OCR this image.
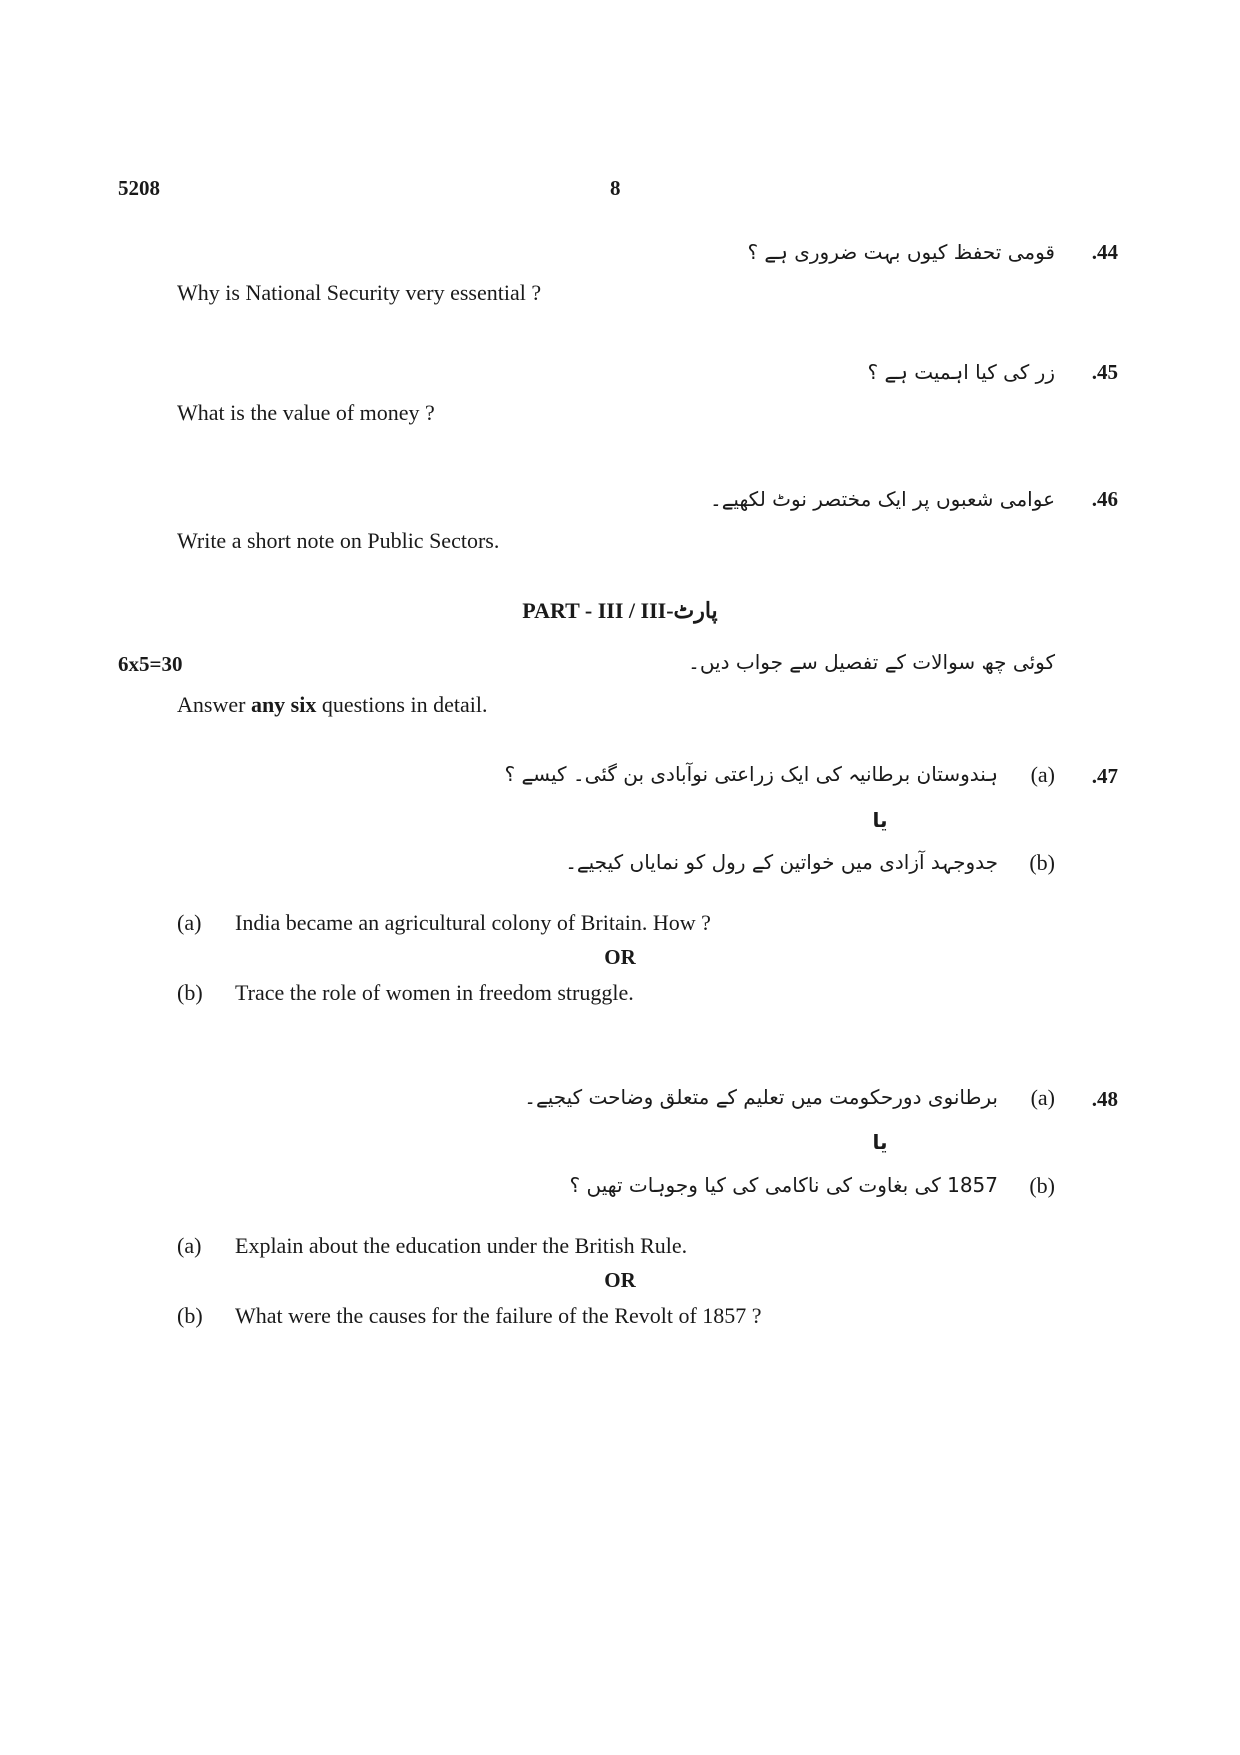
5208	8
.44
قومی تحفظ کیوں بہت ضروری ہے ؟
Why is National Security very essential ?
.45
زر کی کیا اہمیت ہے ؟
What is the value of money ?
.46
عوامی شعبوں پر ایک مختصر نوٹ لکھیے۔
Write a short note on Public Sectors.
PART - III / III-پارٹ
6x5=30	کوئی چھ سوالات کے تفصیل سے جواب دیں۔
Answer any six questions in detail.
.47
(a)
ہندوستان برطانیہ کی ایک زراعتی نوآبادی بن گئی۔ کیسے ؟
یا
(b)
جدوجہد آزادی میں خواتین کے رول کو نمایاں کیجیے۔
(a) India became an agricultural colony of Britain. How ?
OR
(b) Trace the role of women in freedom struggle.
.48
(a)
برطانوی دورحکومت میں تعلیم کے متعلق وضاحت کیجیے۔
یا
(b)
1857 کی بغاوت کی ناکامی کی کیا وجوہات تھیں ؟
(a) Explain about the education under the British Rule.
OR
(b) What were the causes for the failure of the Revolt of 1857 ?
